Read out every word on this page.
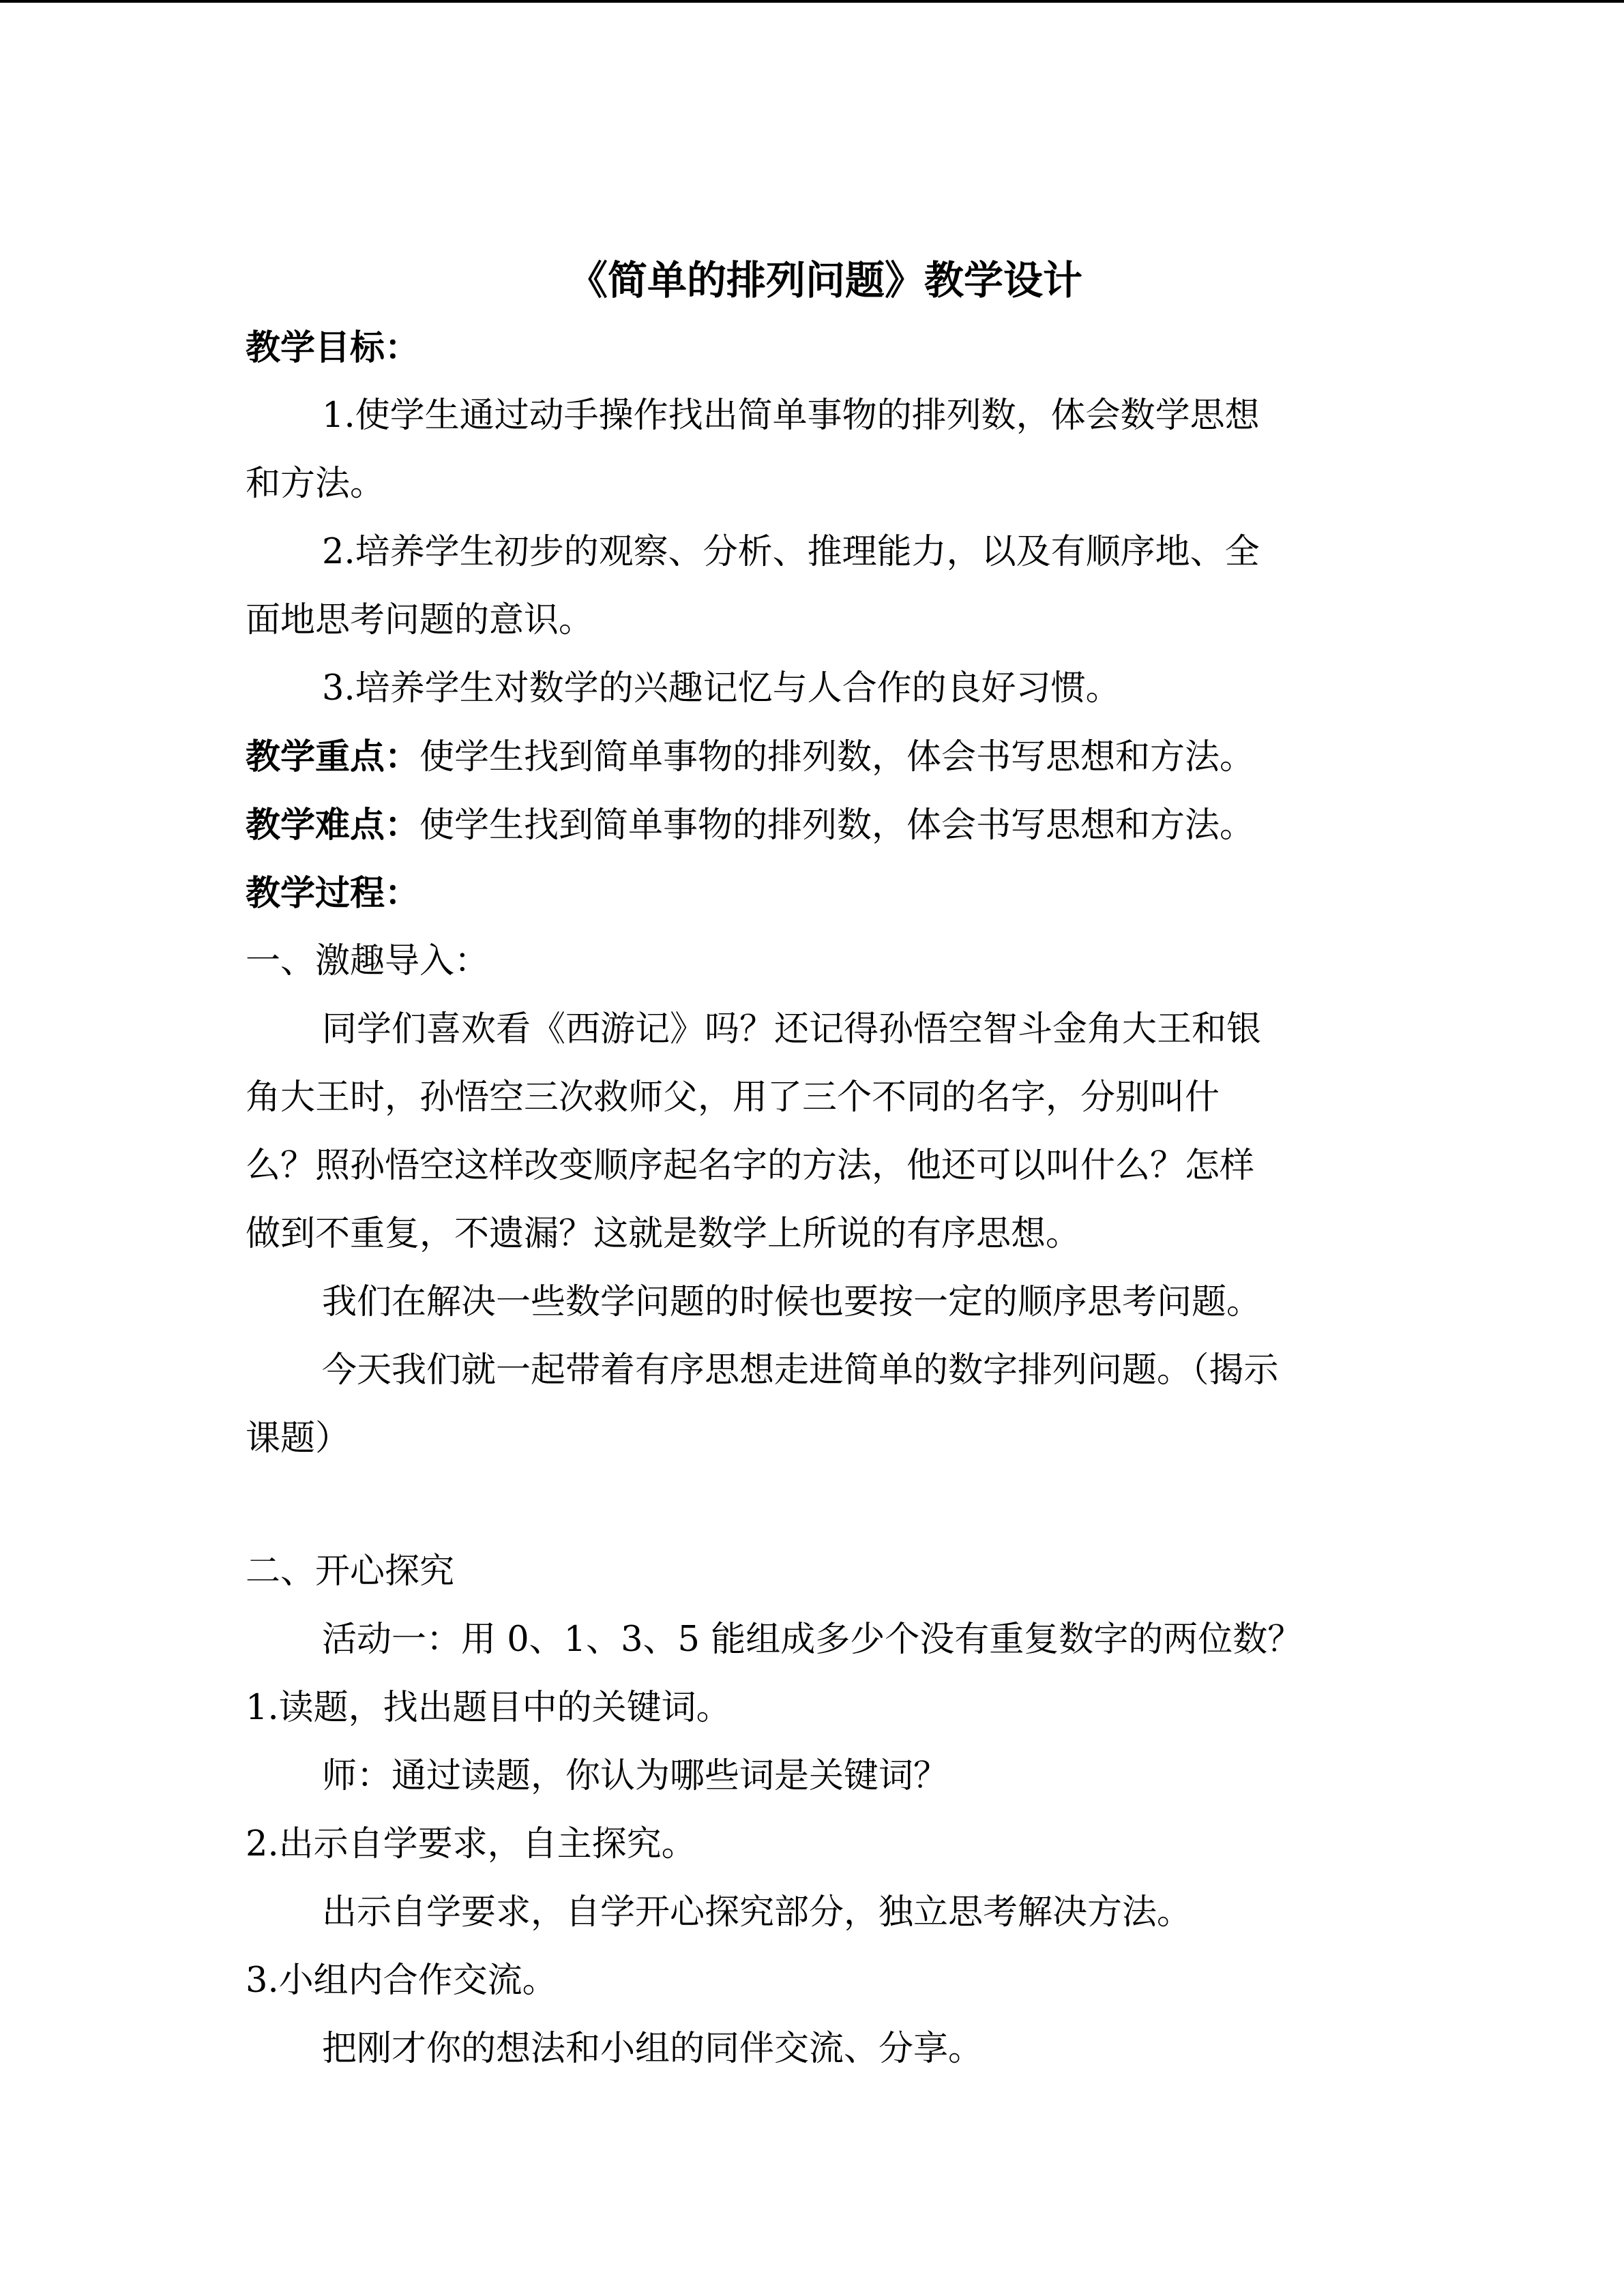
《简单的排列问题》教学设计

教学目标：

1.使学生通过动手操作找出简单事物的排列数，体会数学思想

和方法。

2.培养学生初步的观察、分析、推理能力，以及有顺序地、全

面地思考问题的意识。

3.培养学生对数学的兴趣记忆与人合作的良好习惯。

教学重点：使学生找到简单事物的排列数，体会书写思想和方法。

教学难点：使学生找到简单事物的排列数，体会书写思想和方法。

教学过程：

一、激趣导入：

同学们喜欢看《西游记》吗？还记得孙悟空智斗金角大王和银

角大王时，孙悟空三次救师父，用了三个不同的名字，分别叫什

么？照孙悟空这样改变顺序起名字的方法，他还可以叫什么？怎样

做到不重复，不遗漏？这就是数学上所说的有序思想。

我们在解决一些数学问题的时候也要按一定的顺序思考问题。

今天我们就一起带着有序思想走进简单的数字排列问题。（揭示

课题）

二、开心探究

活动一：用 0、1、3、5 能组成多少个没有重复数字的两位数？

1.读题，找出题目中的关键词。

师：通过读题，你认为哪些词是关键词？

2.出示自学要求，自主探究。

出示自学要求，自学开心探究部分，独立思考解决方法。

3.小组内合作交流。

把刚才你的想法和小组的同伴交流、分享。
